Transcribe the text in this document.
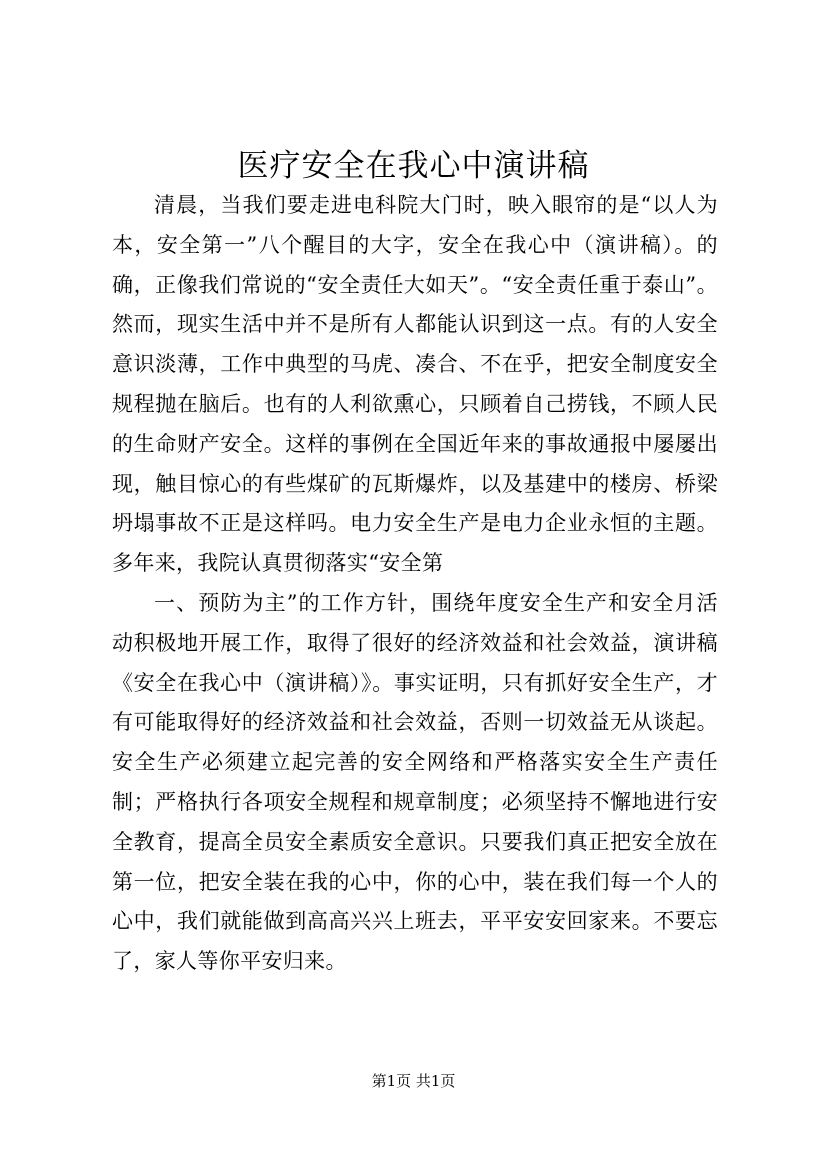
医疗安全在我心中演讲稿

清晨，当我们要走进电科院大门时，映入眼帘的是“以人为本，安全第一”八个醒目的大字，安全在我心中（演讲稿）。的确，正像我们常说的“安全责任大如天”。“安全责任重于泰山”。然而，现实生活中并不是所有人都能认识到这一点。有的人安全意识淡薄，工作中典型的马虎、凑合、不在乎，把安全制度安全规程抛在脑后。也有的人利欲熏心，只顾着自己捞钱，不顾人民的生命财产安全。这样的事例在全国近年来的事故通报中屡屡出现，触目惊心的有些煤矿的瓦斯爆炸，以及基建中的楼房、桥梁坍塌事故不正是这样吗。电力安全生产是电力企业永恒的主题。多年来，我院认真贯彻落实“安全第

一、预防为主”的工作方针，围绕年度安全生产和安全月活动积极地开展工作，取得了很好的经济效益和社会效益，演讲稿《安全在我心中（演讲稿）》。事实证明，只有抓好安全生产，才有可能取得好的经济效益和社会效益，否则一切效益无从谈起。安全生产必须建立起完善的安全网络和严格落实安全生产责任制；严格执行各项安全规程和规章制度；必须坚持不懈地进行安全教育，提高全员安全素质安全意识。只要我们真正把安全放在第一位，把安全装在我的心中，你的心中，装在我们每一个人的心中，我们就能做到高高兴兴上班去，平平安安回家来。不要忘了，家人等你平安归来。

第1页 共1页
